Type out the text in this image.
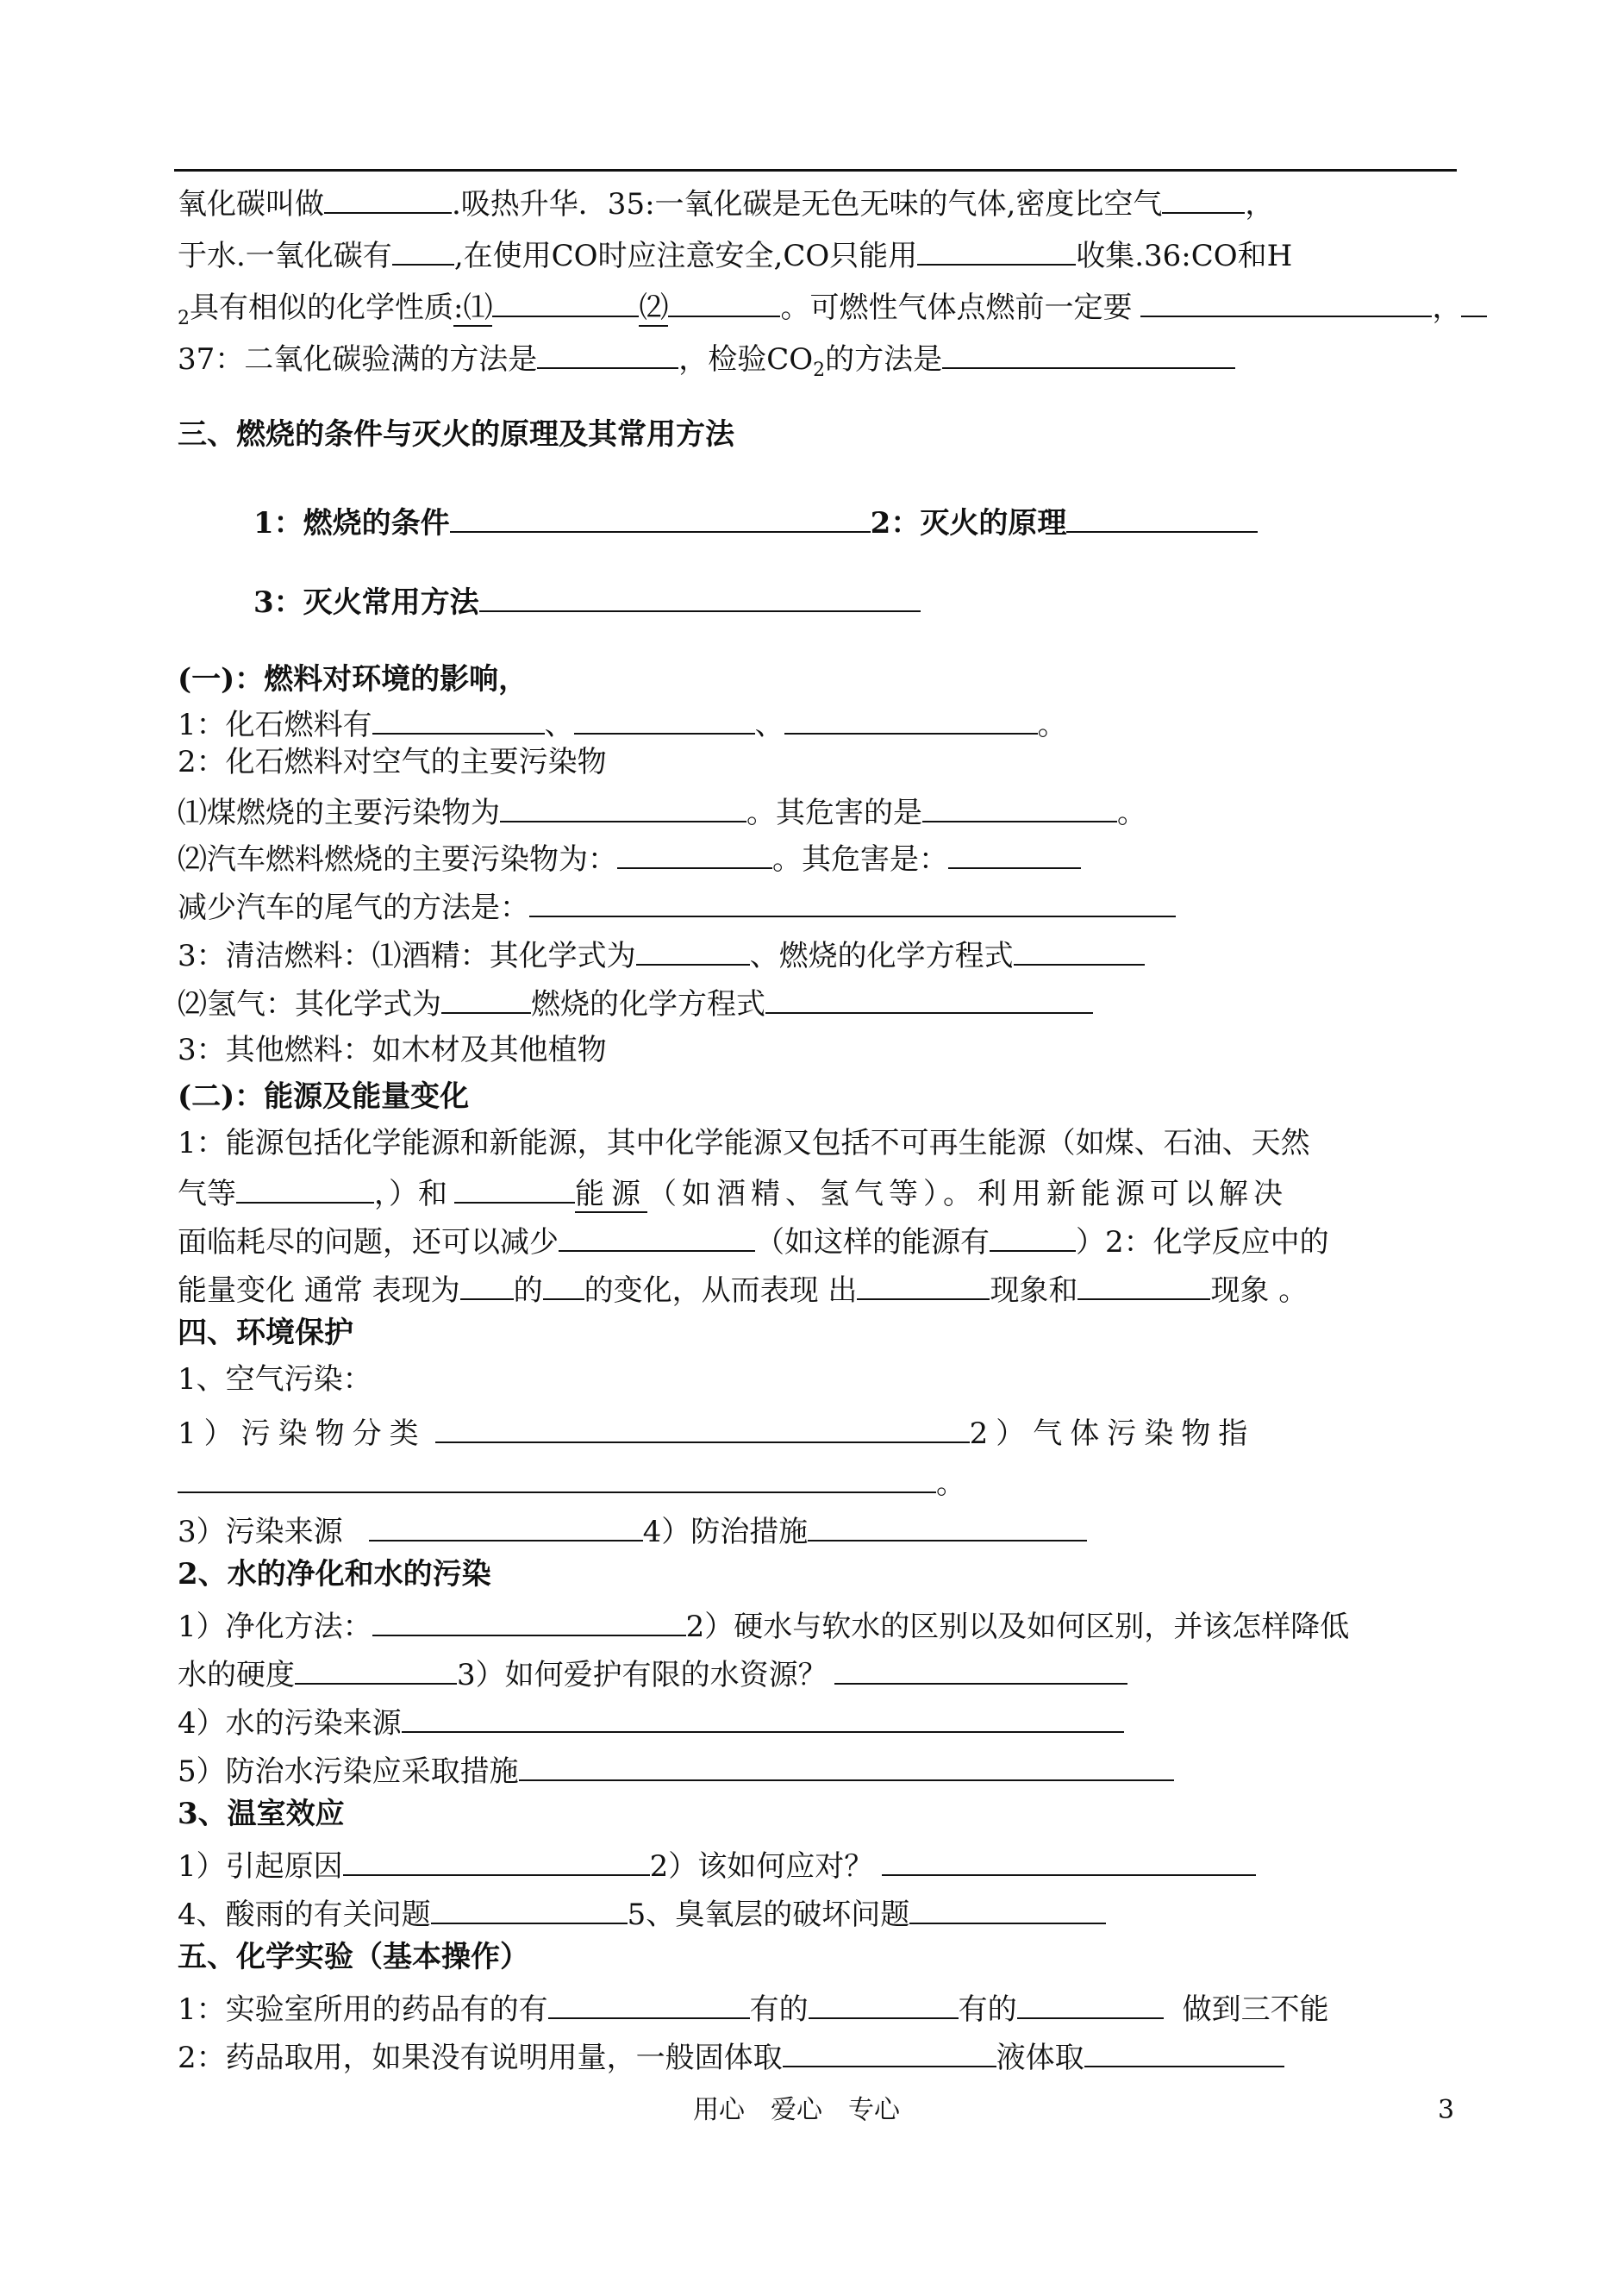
氧化碳叫做	.吸热升华．35:一氧化碳是无色无味的气体,密度比空气	，
于水.一氧化碳有 ,在使用CO时应注意安全,CO只能用	收集.36:CO和H
$_2$具有相似的化学性质:⑴	⑵	。可燃性气体点燃前一定要	，
37：二氧化碳验满的方法是	，检验$CO_2$的方法是
三、燃烧的条件与灭火的原理及其常用方法
1：燃烧的条件	2：灭火的原理
3：灭火常用方法
(一)：燃料对环境的影响，
1：化石燃料有	、	、	。
2：化石燃料对空气的主要污染物
⑴煤燃烧的主要污染物为	。其危害的是	。
⑵汽车燃料燃烧的主要污染物为：	。其危害是：
减少汽车的尾气的方法是：
3：清洁燃料：⑴酒精：其化学式为	、燃烧的化学方程式
⑵氢气：其化学式为	燃烧的化学方程式
3：其他燃料：如木材及其他植物
(二)：能源及能量变化
1：能源包括化学能源和新能源，其中化学能源又包括不可再生能源（如煤、石油、天然
气等	，）和	能源（如酒精、氢气等）。利用新能源可以解决
面临耗尽的问题，还可以减少	（如这样的能源有	）2：化学反应中的
能量变化 通常 表现为 的 的变化，从而表现 出	现象和	现象 。
四、环境保护
1、空气污染：
1）污染物分类	2）气体污染物指
。
3）污染来源	4）防治措施
2、水的净化和水的污染
1）净化方法：	2）硬水与软水的区别以及如何区别，并该怎样降低
水的硬度	3）如何爱护有限的水资源？
4）水的污染来源
5）防治水污染应采取措施
3、温室效应
1）引起原因	2）该如何应对？
4、酸雨的有关问题	5、臭氧层的破坏问题
五、化学实验（基本操作）
1：实验室所用的药品有的有	有的	有的	做到三不能
2：药品取用，如果没有说明用量，一般固体取	液体取
用心　爱心　专心	3
